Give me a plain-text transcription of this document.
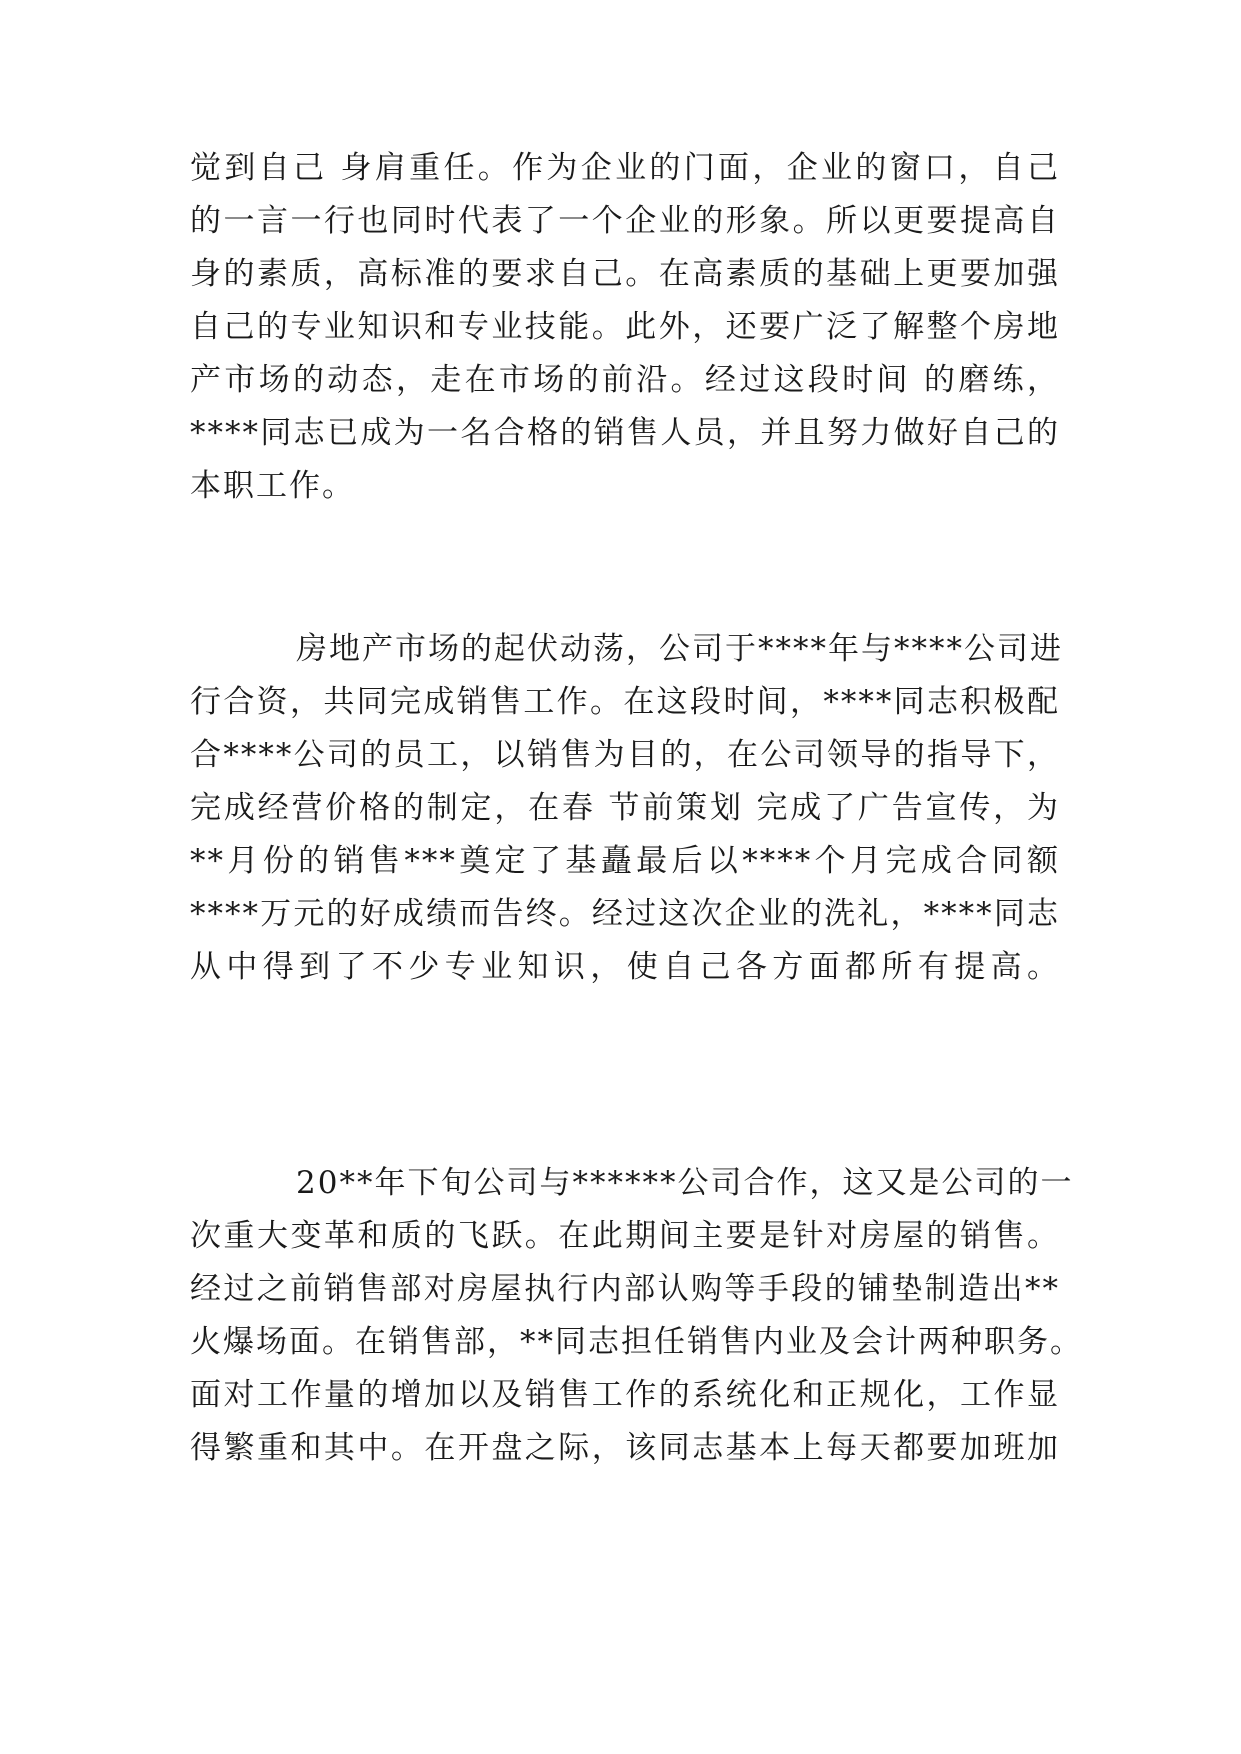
觉到自己 身肩重任。作为企业的门面，企业的窗口，自己
的一言一行也同时代表了一个企业的形象。所以更要提高自
身的素质，高标准的要求自己。在高素质的基础上更要加强
自己的专业知识和专业技能。此外，还要广泛了解整个房地
产市场的动态，走在市场的前沿。经过这段时间 的磨练，
****同志已成为一名合格的销售人员，并且努力做好自己的
本职工作。
房地产市场的起伏动荡，公司于****年与****公司进
行合资，共同完成销售工作。在这段时间，****同志积极配
合****公司的员工，以销售为目的，在公司领导的指导下，
完成经营价格的制定，在春 节前策划 完成了广告宣传，为
**月份的销售***奠定了基矗最后以****个月完成合同额
****万元的好成绩而告终。经过这次企业的洗礼，****同志
从中得到了不少专业知识，使自己各方面都所有提高。
20**年下旬公司与******公司合作，这又是公司的一
次重大变革和质的飞跃。在此期间主要是针对房屋的销售。
经过之前销售部对房屋执行内部认购等手段的铺垫制造出**
火爆场面。在销售部，**同志担任销售内业及会计两种职务。
面对工作量的增加以及销售工作的系统化和正规化，工作显
得繁重和其中。在开盘之际，该同志基本上每天都要加班加
